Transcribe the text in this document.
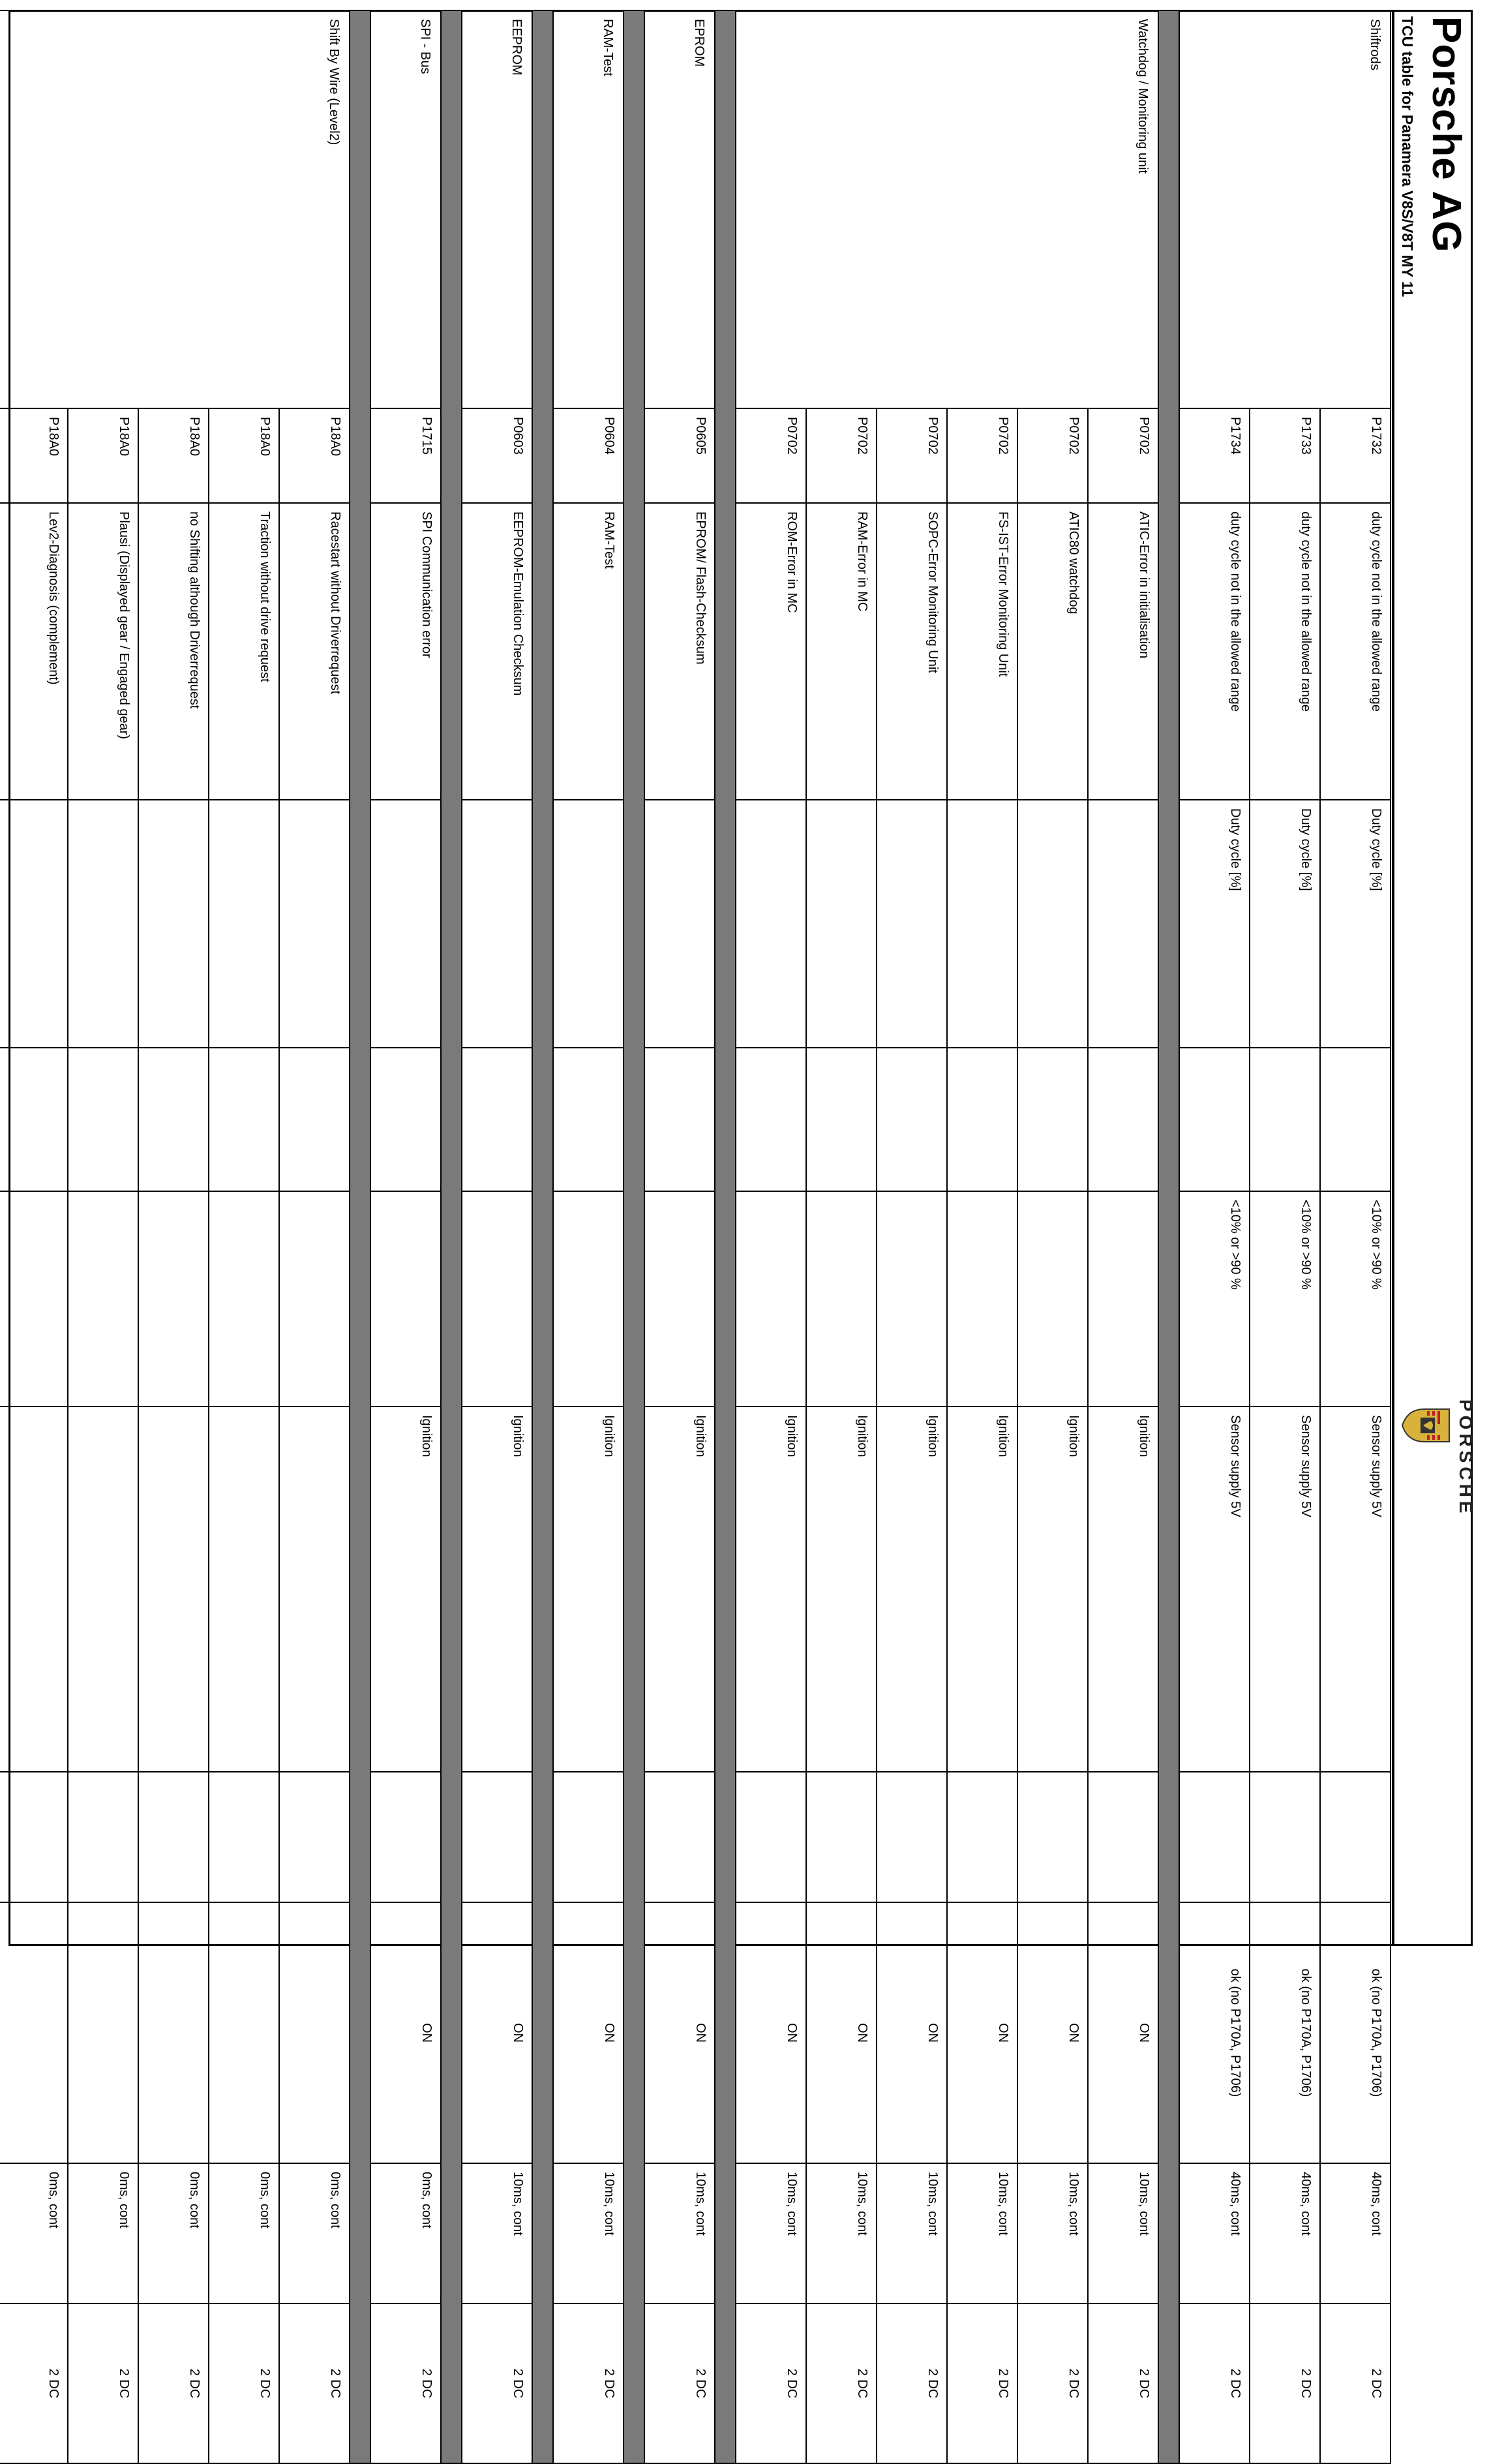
Porsche AG
TCU table for Panamera V8S/V8T MY 11
PORSCHE
Shiftrods	P1732	duty cycle not in the allowed range	Duty cycle [%]		<10% or >90 %	Sensor supply 5V		ok (no P170A, P1706)	40ms, cont	2 DC
	P1733	duty cycle not in the allowed range	Duty cycle [%]		<10% or >90 %	Sensor supply 5V		ok (no P170A, P1706)	40ms, cont	2 DC
	P1734	duty cycle not in the allowed range	Duty cycle [%]		<10% or >90 %	Sensor supply 5V		ok (no P170A, P1706)	40ms, cont	2 DC

Watchdog / Monitoring unit	P0702	ATIC-Error in initialisation				Ignition		ON	10ms, cont	2 DC
	P0702	ATIC80 watchdog				Ignition		ON	10ms, cont	2 DC
	P0702	FS-IST-Error Monitoring Unit				Ignition		ON	10ms, cont	2 DC
	P0702	SOPC-Error Monitoring Unit				Ignition		ON	10ms, cont	2 DC
	P0702	RAM-Error in MC				Ignition		ON	10ms, cont	2 DC
	P0702	ROM-Error in MC				Ignition		ON	10ms, cont	2 DC

EPROM	P0605	EPROM/ Flash-Checksum				Ignition		ON	10ms, cont	2 DC

RAM-Test	P0604	RAM-Test				Ignition		ON	10ms, cont	2 DC

EEPROM	P0603	EEPROM-Emulation Checksum				Ignition		ON	10ms, cont	2 DC

SPI - Bus	P1715	SPI Communication error				Ignition		ON	0ms, cont	2 DC

Shift By Wire (Level2)	P18A0	Racestart without Driverrequest							0ms, cont	2 DC
	P18A0	Traction without drive request							0ms, cont	2 DC
	P18A0	no Shifting although Driverrequest							0ms, cont	2 DC
	P18A0	Plausi (Displayed gear / Engaged gear)							0ms, cont	2 DC
	P18A0	Lev2-Diagnosis (complement)							0ms, cont	2 DC
